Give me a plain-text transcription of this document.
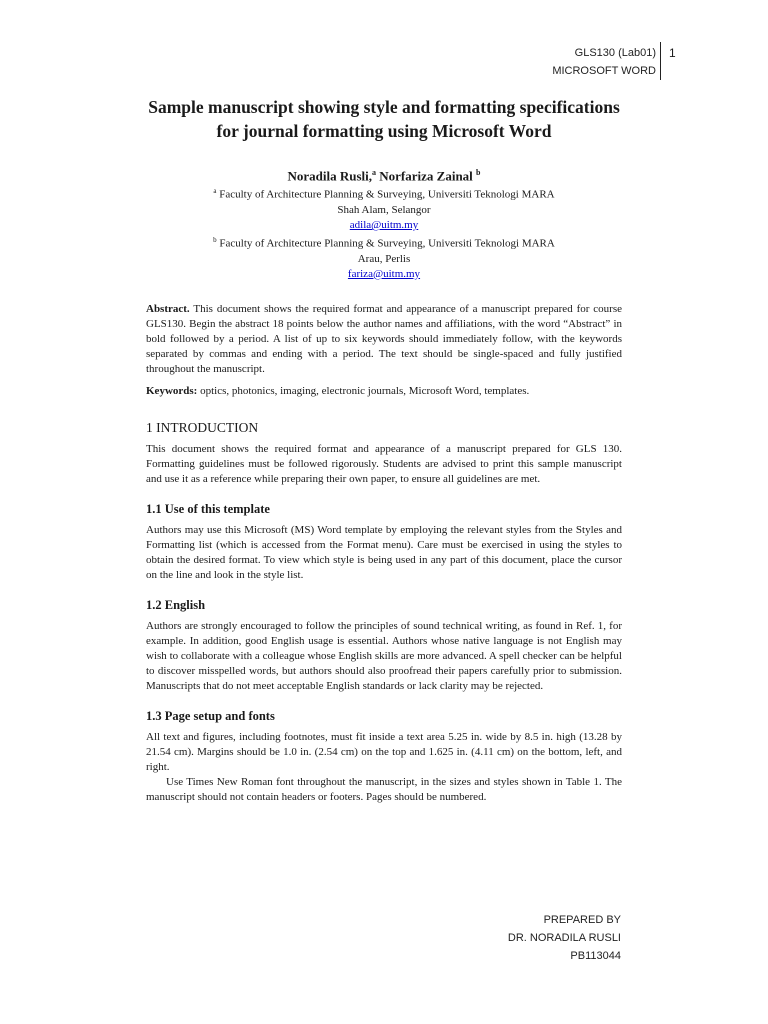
GLS130 (Lab01)
MICROSOFT WORD
1
Sample manuscript showing style and formatting specifications for journal formatting using Microsoft Word

Noradila Rusli,$^a$ Norfariza Zainal $^b$

$^a$ Faculty of Architecture Planning & Surveying, Universiti Teknologi MARA

Shah Alam, Selangor

adila@uitm.my

$^b$ Faculty of Architecture Planning & Surveying, Universiti Teknologi MARA

Arau, Perlis

fariza@uitm.my

Abstract. This document shows the required format and appearance of a manuscript prepared for course GLS130. Begin the abstract 18 points below the author names and affiliations, with the word “Abstract” in bold followed by a period. A list of up to six keywords should immediately follow, with the keywords separated by commas and ending with a period. The text should be single-spaced and fully justified throughout the manuscript.

Keywords: optics, photonics, imaging, electronic journals, Microsoft Word, templates.

1 INTRODUCTION

This document shows the required format and appearance of a manuscript prepared for GLS 130. Formatting guidelines must be followed rigorously. Students are advised to print this sample manuscript and use it as a reference while preparing their own paper, to ensure all guidelines are met.

1.1 Use of this template

Authors may use this Microsoft (MS) Word template by employing the relevant styles from the Styles and Formatting list (which is accessed from the Format menu). Care must be exercised in using the styles to obtain the desired format. To view which style is being used in any part of this document, place the cursor on the line and look in the style list.

1.2 English

Authors are strongly encouraged to follow the principles of sound technical writing, as found in Ref. 1, for example. In addition, good English usage is essential. Authors whose native language is not English may wish to collaborate with a colleague whose English skills are more advanced. A spell checker can be helpful to discover misspelled words, but authors should also proofread their papers carefully prior to submission. Manuscripts that do not meet acceptable English standards or lack clarity may be rejected.

1.3 Page setup and fonts

All text and figures, including footnotes, must fit inside a text area 5.25 in. wide by 8.5 in. high (13.28 by 21.54 cm). Margins should be 1.0 in. (2.54 cm) on the top and 1.625 in. (4.11 cm) on the bottom, left, and right.

Use Times New Roman font throughout the manuscript, in the sizes and styles shown in Table 1. The manuscript should not contain headers or footers. Pages should be numbered.

PREPARED BY
DR. NORADILA RUSLI
PB113044
